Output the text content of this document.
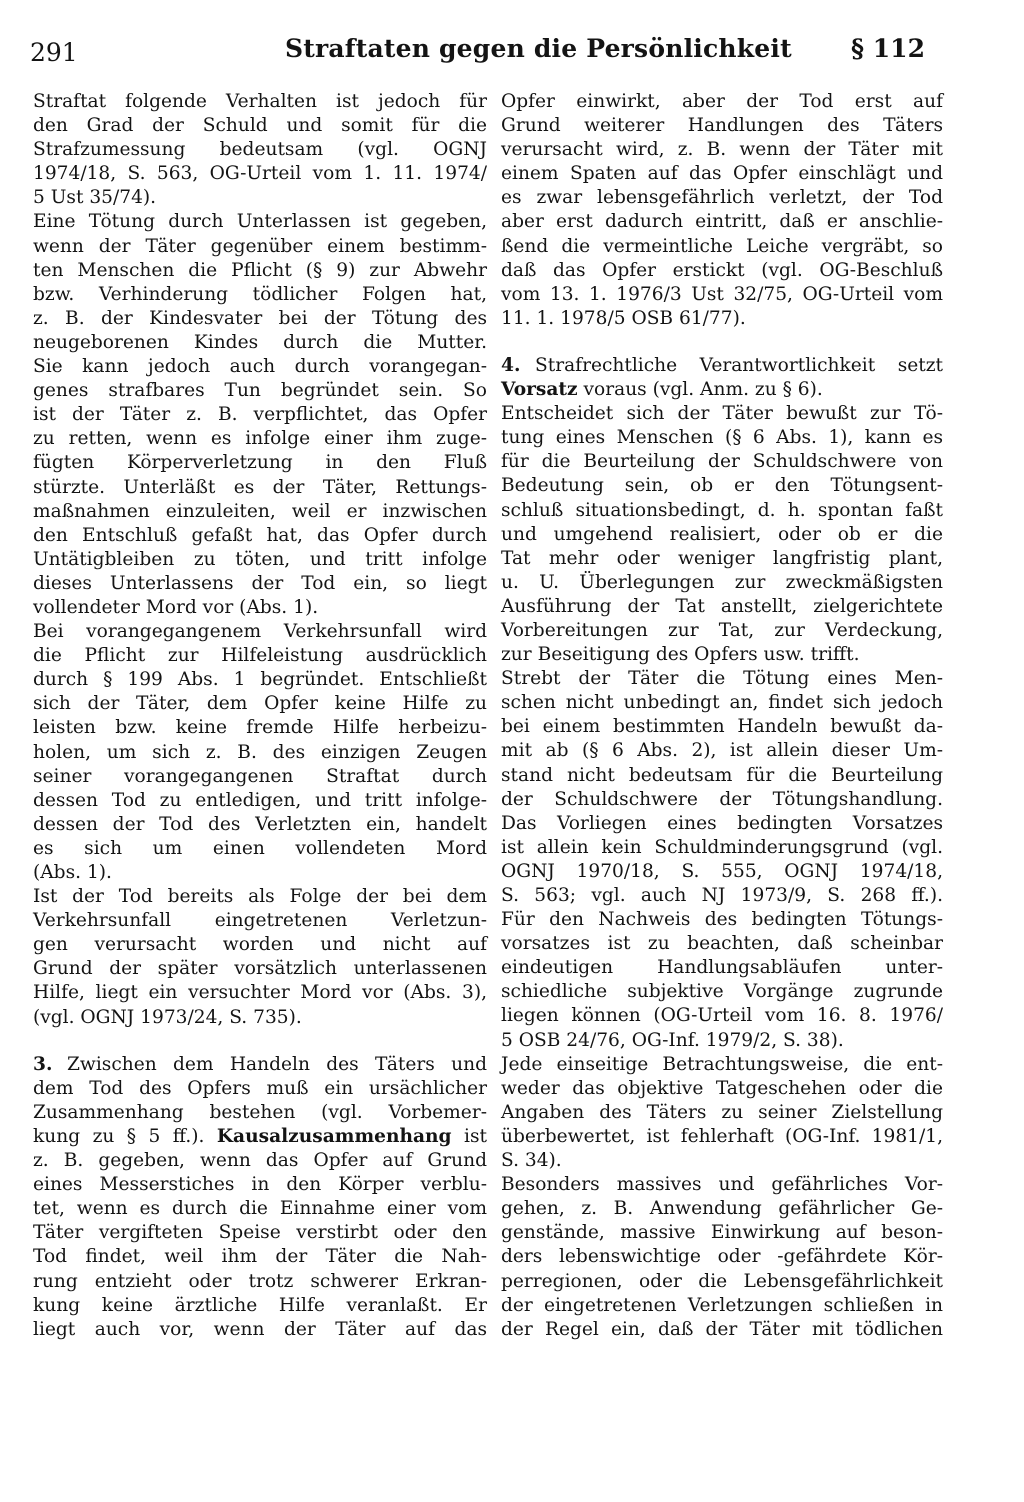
291	Straftaten gegen die Persönlichkeit § 112
Straftat folgende Verhalten ist jedoch für
den Grad der Schuld und somit für die
Strafzumessung bedeutsam (vgl. OGNJ
1974/18, S. 563, OG-Urteil vom 1. 11. 1974/
5 Ust 35/74).
Eine Tötung durch Unterlassen ist gegeben,
wenn der Täter gegenüber einem bestimm-
ten Menschen die Pflicht (§ 9) zur Abwehr
bzw. Verhinderung tödlicher Folgen hat,
z. B. der Kindesvater bei der Tötung des
neugeborenen Kindes durch die Mutter.
Sie kann jedoch auch durch vorangegan-
genes strafbares Tun begründet sein. So
ist der Täter z. B. verpflichtet, das Opfer
zu retten, wenn es infolge einer ihm zuge-
fügten Körperverletzung in den Fluß
stürzte. Unterläßt es der Täter, Rettungs-
maßnahmen einzuleiten, weil er inzwischen
den Entschluß gefaßt hat, das Opfer durch
Untätigbleiben zu töten, und tritt infolge
dieses Unterlassens der Tod ein, so liegt
vollendeter Mord vor (Abs. 1).
Bei vorangegangenem Verkehrsunfall wird
die Pflicht zur Hilfeleistung ausdrücklich
durch § 199 Abs. 1 begründet. Entschließt
sich der Täter, dem Opfer keine Hilfe zu
leisten bzw. keine fremde Hilfe herbeizu-
holen, um sich z. B. des einzigen Zeugen
seiner vorangegangenen Straftat durch
dessen Tod zu entledigen, und tritt infolge-
dessen der Tod des Verletzten ein, handelt
es sich um einen vollendeten Mord
(Abs. 1).
Ist der Tod bereits als Folge der bei dem
Verkehrsunfall eingetretenen Verletzun-
gen verursacht worden und nicht auf
Grund der später vorsätzlich unterlassenen
Hilfe, liegt ein versuchter Mord vor (Abs. 3),
(vgl. OGNJ 1973/24, S. 735).
3. Zwischen dem Handeln des Täters und
dem Tod des Opfers muß ein ursächlicher
Zusammenhang bestehen (vgl. Vorbemer-
kung zu § 5 ff.). Kausalzusammenhang ist
z. B. gegeben, wenn das Opfer auf Grund
eines Messerstiches in den Körper verblu-
tet, wenn es durch die Einnahme einer vom
Täter vergifteten Speise verstirbt oder den
Tod findet, weil ihm der Täter die Nah-
rung entzieht oder trotz schwerer Erkran-
kung keine ärztliche Hilfe veranlaßt. Er
liegt auch vor, wenn der Täter auf das
Opfer einwirkt, aber der Tod erst auf
Grund weiterer Handlungen des Täters
verursacht wird, z. B. wenn der Täter mit
einem Spaten auf das Opfer einschlägt und
es zwar lebensgefährlich verletzt, der Tod
aber erst dadurch eintritt, daß er anschlie-
ßend die vermeintliche Leiche vergräbt, so
daß das Opfer erstickt (vgl. OG-Beschluß
vom 13. 1. 1976/3 Ust 32/75, OG-Urteil vom
11. 1. 1978/5 OSB 61/77).
4. Strafrechtliche Verantwortlichkeit setzt
Vorsatz voraus (vgl. Anm. zu § 6).
Entscheidet sich der Täter bewußt zur Tö-
tung eines Menschen (§ 6 Abs. 1), kann es
für die Beurteilung der Schuldschwere von
Bedeutung sein, ob er den Tötungsent-
schluß situationsbedingt, d. h. spontan faßt
und umgehend realisiert, oder ob er die
Tat mehr oder weniger langfristig plant,
u. U. Überlegungen zur zweckmäßigsten
Ausführung der Tat anstellt, zielgerichtete
Vorbereitungen zur Tat, zur Verdeckung,
zur Beseitigung des Opfers usw. trifft.
Strebt der Täter die Tötung eines Men-
schen nicht unbedingt an, findet sich jedoch
bei einem bestimmten Handeln bewußt da-
mit ab (§ 6 Abs. 2), ist allein dieser Um-
stand nicht bedeutsam für die Beurteilung
der Schuldschwere der Tötungshandlung.
Das Vorliegen eines bedingten Vorsatzes
ist allein kein Schuldminderungsgrund (vgl.
OGNJ 1970/18, S. 555, OGNJ 1974/18,
S. 563; vgl. auch NJ 1973/9, S. 268 ff.).
Für den Nachweis des bedingten Tötungs-
vorsatzes ist zu beachten, daß scheinbar
eindeutigen Handlungsabläufen unter-
schiedliche subjektive Vorgänge zugrunde
liegen können (OG-Urteil vom 16. 8. 1976/
5 OSB 24/76, OG-Inf. 1979/2, S. 38).
Jede einseitige Betrachtungsweise, die ent-
weder das objektive Tatgeschehen oder die
Angaben des Täters zu seiner Zielstellung
überbewertet, ist fehlerhaft (OG-Inf. 1981/1,
S. 34).
Besonders massives und gefährliches Vor-
gehen, z. B. Anwendung gefährlicher Ge-
genstände, massive Einwirkung auf beson-
ders lebenswichtige oder -gefährdete Kör-
perregionen, oder die Lebensgefährlichkeit
der eingetretenen Verletzungen schließen in
der Regel ein, daß der Täter mit tödlichen
